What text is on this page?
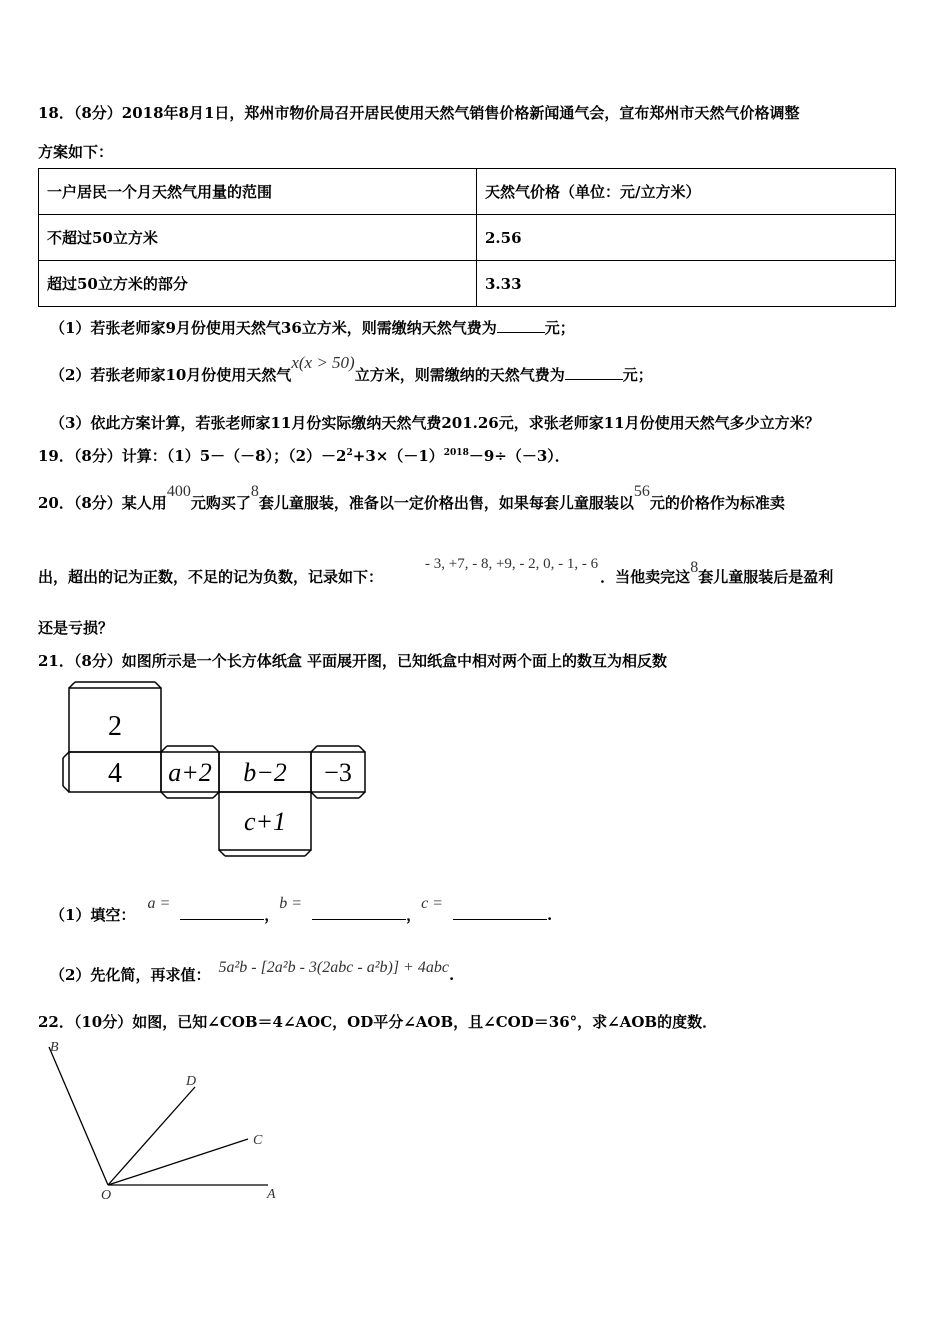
18．（8分）2018年8月1日，郑州市物价局召开居民使用天然气销售价格新闻通气会，宣布郑州市天然气价格调整
方案如下：
一户居民一个月天然气用量的范围	天然气价格（单位：元/立方米）
不超过50立方米	2.56
超过50立方米的部分	3.33
（1）若张老师家9月份使用天然气36立方米，则需缴纳天然气费为	元；
（2）若张老师家10月份使用天然气x(x > 50)立方米，则需缴纳的天然气费为	元；
（3）依此方案计算，若张老师家11月份实际缴纳天然气费201.26元，求张老师家11月份使用天然气多少立方米？
19．（8分）计算：（1）5－（－8）；$(2)-2^2+3\times(-1)^{2018}-9\div(-3)$．
20．（8分）某人用400元购买了8套儿童服装，准备以一定价格出售，如果每套儿童服装以56元的价格作为标准卖
出，超出的记为正数，不足的记为负数，记录如下：- 3, +7, - 8, +9, - 2, 0, - 1, - 6．当他卖完这8套儿童服装后是盈利
还是亏损？
21．（8分）如图所示是一个长方体纸盒 平面展开图，已知纸盒中相对两个面上的数互为相反数
2
4 a+2 b−2 −3
c+1
（1）填空：a =，b =，c =.
（2）先化简，再求值： 5a²b - [2a²b - 3(2abc - a²b)] + 4abc.
22．（10分）如图，已知∠COB＝4∠AOC，OD平分∠AOB，且∠COD＝36°，求∠AOB的度数．
B
D
C
O	A
